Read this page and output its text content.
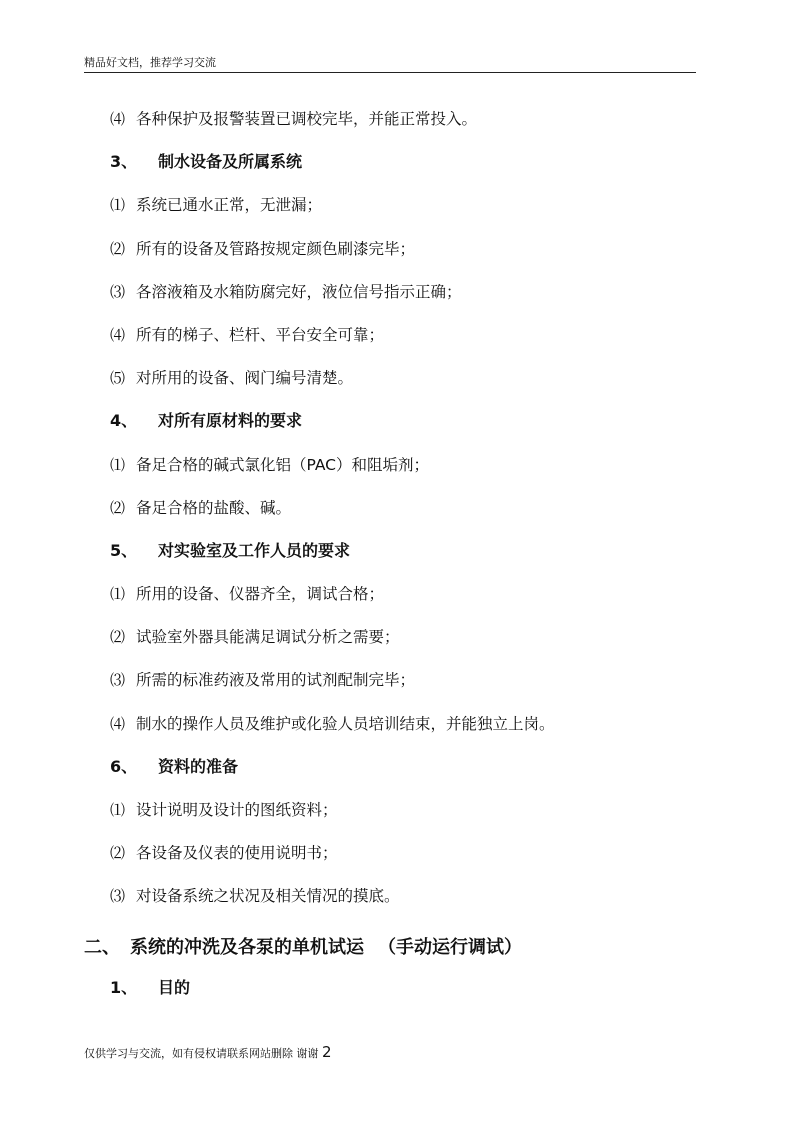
精品好文档，推荐学习交流
⑷ 各种保护及报警装置已调校完毕，并能正常投入。
3、 制水设备及所属系统
⑴ 系统已通水正常，无泄漏；
⑵ 所有的设备及管路按规定颜色刷漆完毕；
⑶ 各溶液箱及水箱防腐完好，液位信号指示正确；
⑷ 所有的梯子、栏杆、平台安全可靠；
⑸ 对所用的设备、阀门编号清楚。
4、 对所有原材料的要求
⑴ 备足合格的碱式氯化铝（PAC）和阻垢剂；
⑵ 备足合格的盐酸、碱。
5、 对实验室及工作人员的要求
⑴ 所用的设备、仪器齐全，调试合格；
⑵ 试验室外器具能满足调试分析之需要；
⑶ 所需的标准药液及常用的试剂配制完毕；
⑷ 制水的操作人员及维护或化验人员培训结束，并能独立上岗。
6、 资料的准备
⑴ 设计说明及设计的图纸资料；
⑵ 各设备及仪表的使用说明书；
⑶ 对设备系统之状况及相关情况的摸底。
二、 系统的冲洗及各泵的单机试运 （手动运行调试）
1、 目的
仅供学习与交流，如有侵权请联系网站删除 谢谢 2
